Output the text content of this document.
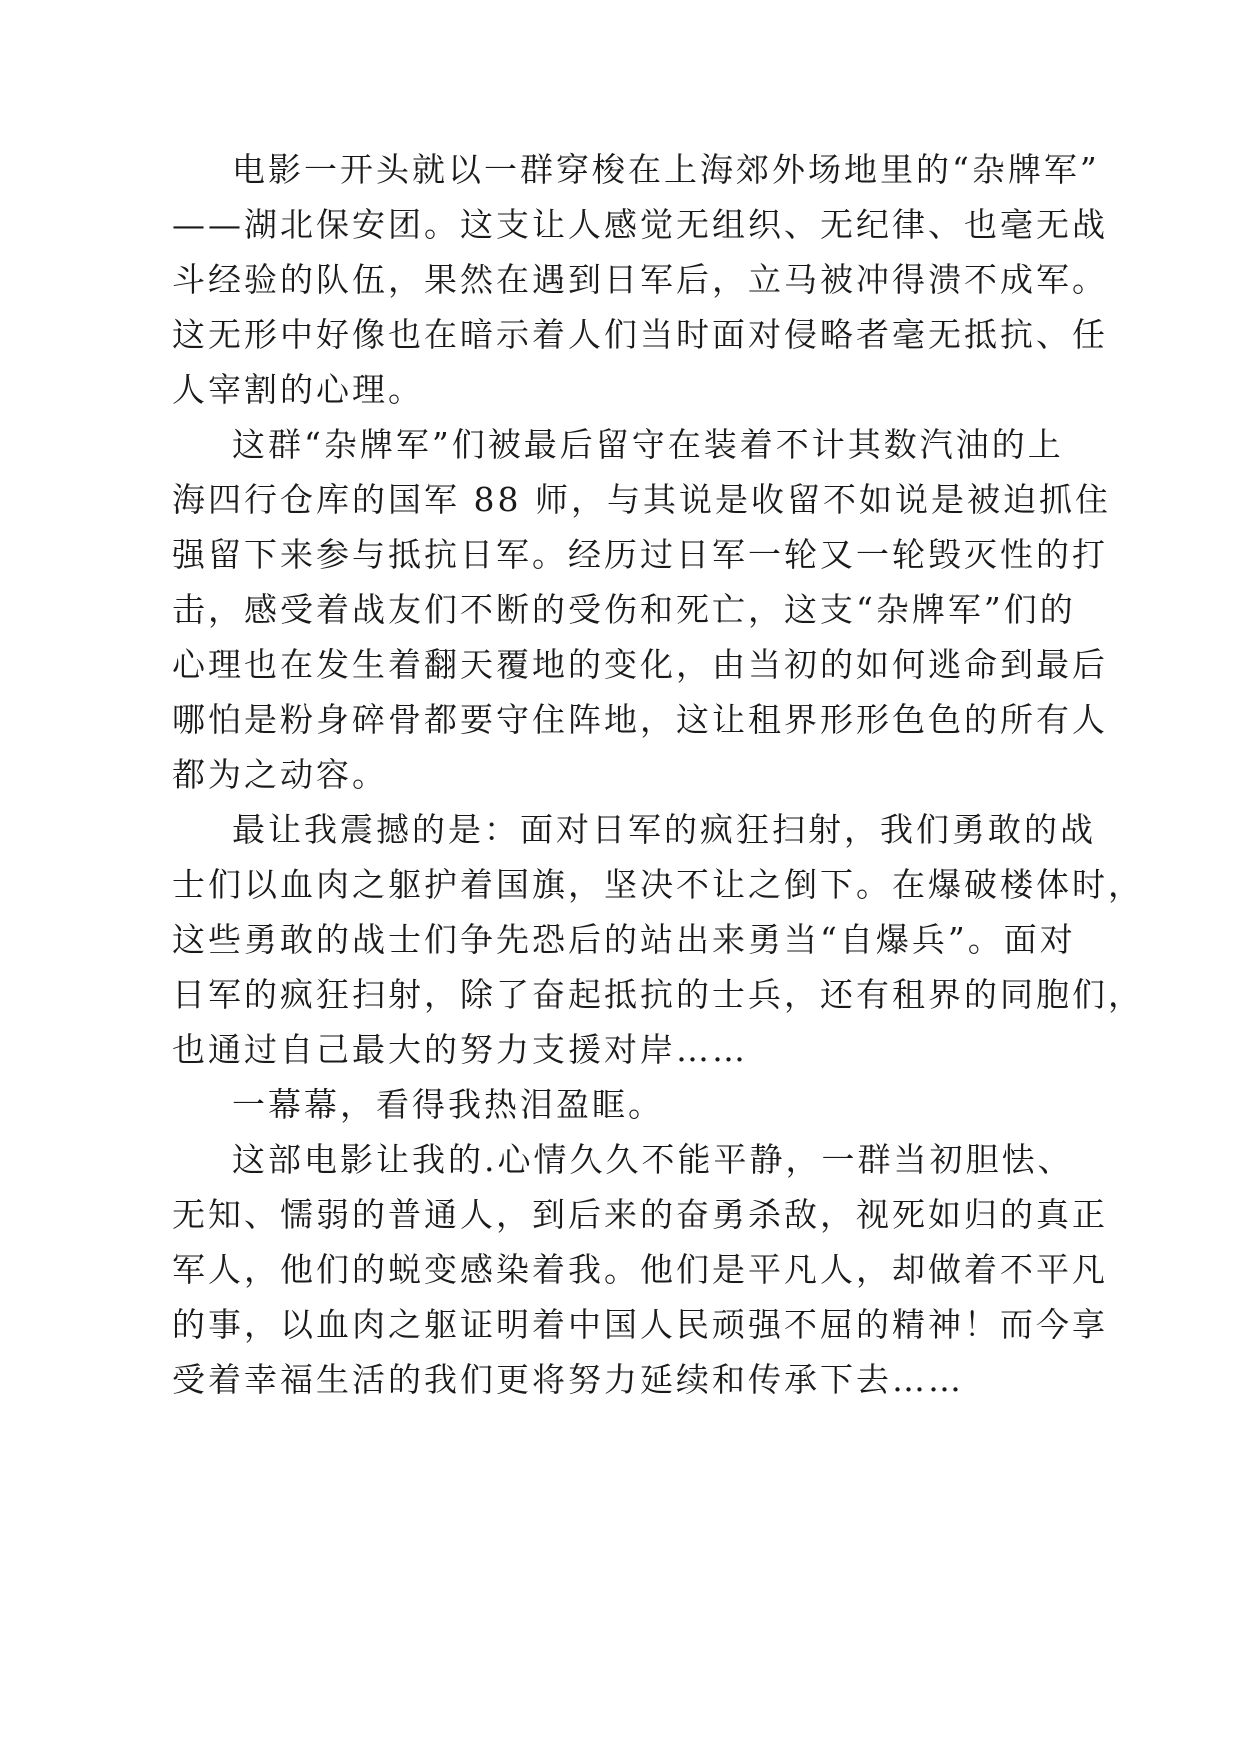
电影一开头就以一群穿梭在上海郊外场地里的“杂牌军”
——湖北保安团。这支让人感觉无组织、无纪律、也毫无战
斗经验的队伍，果然在遇到日军后，立马被冲得溃不成军。
这无形中好像也在暗示着人们当时面对侵略者毫无抵抗、任
人宰割的心理。
这群“杂牌军”们被最后留守在装着不计其数汽油的上
海四行仓库的国军 88 师，与其说是收留不如说是被迫抓住
强留下来参与抵抗日军。经历过日军一轮又一轮毁灭性的打
击，感受着战友们不断的受伤和死亡，这支“杂牌军”们的
心理也在发生着翻天覆地的变化，由当初的如何逃命到最后
哪怕是粉身碎骨都要守住阵地，这让租界形形色色的所有人
都为之动容。
最让我震撼的是：面对日军的疯狂扫射，我们勇敢的战
士们以血肉之躯护着国旗，坚决不让之倒下。在爆破楼体时，
这些勇敢的战士们争先恐后的站出来勇当“自爆兵”。面对
日军的疯狂扫射，除了奋起抵抗的士兵，还有租界的同胞们，
也通过自己最大的努力支援对岸……
一幕幕，看得我热泪盈眶。
这部电影让我的.心情久久不能平静，一群当初胆怯、
无知、懦弱的普通人，到后来的奋勇杀敌，视死如归的真正
军人，他们的蜕变感染着我。他们是平凡人，却做着不平凡
的事，以血肉之躯证明着中国人民顽强不屈的精神！而今享
受着幸福生活的我们更将努力延续和传承下去……
